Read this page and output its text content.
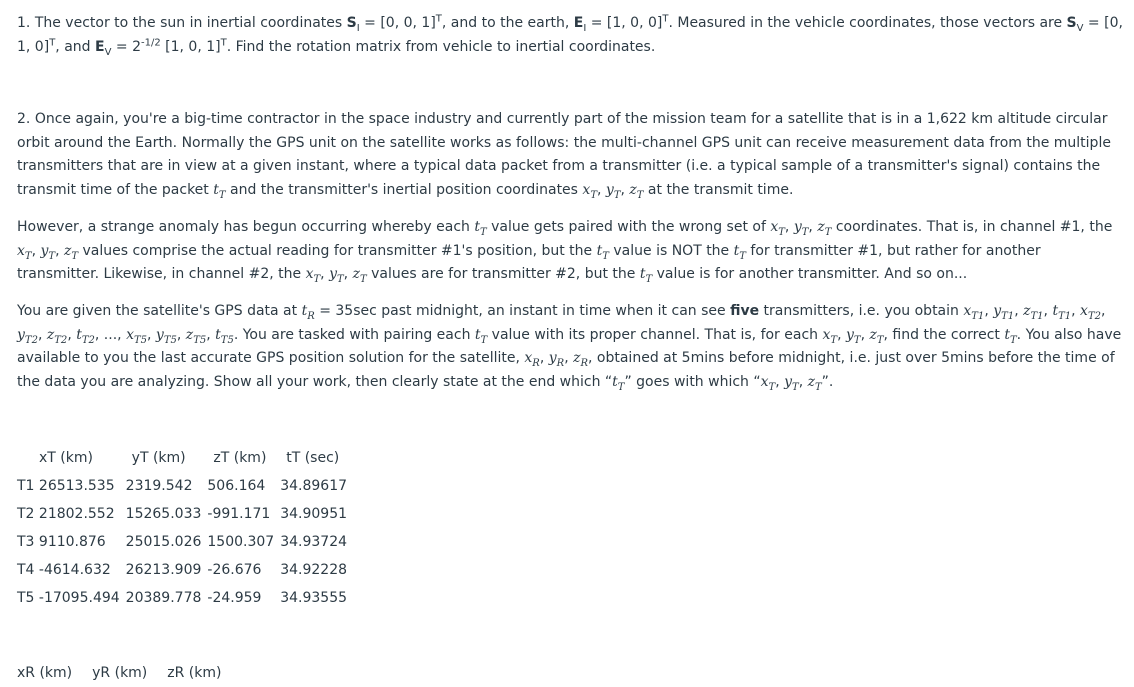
1. The vector to the sun in inertial coordinates $S_I = [0$, 0, 1]$^T$, and to the earth, $E_I = [1$, 0, 0]$^T$. Measured in the vehicle coordinates, those vectors are $S_V = [0$, 1, 0]$^T$, and $E_V = 2^{-1/2}$ [1, 0, 1]$^T$. Find the rotation matrix from vehicle to inertial coordinates.

2. Once again, you're a big-time contractor in the space industry and currently part of the mission team for a satellite that is in a 1,622 km altitude circular orbit around the Earth. Normally the GPS unit on the satellite works as follows: the multi-channel GPS unit can receive measurement data from the multiple transmitters that are in view at a given instant, where a typical data packet from a transmitter (i.e. a typical sample of a transmitter's signal) contains the transmit time of the packet $t_T$ and the transmitter's inertial position coordinates $x_T$, $y_T$, $z_T$ at the transmit time.

However, a strange anomaly has begun occurring whereby each $t_T$ value gets paired with the wrong set of $x_T$, $y_T$, $z_T$ coordinates. That is, in channel #1, the $x_T$, $y_T$, $z_T$ values comprise the actual reading for transmitter #1's position, but the $t_T$ value is NOT the $t_T$ for transmitter #1, but rather for another transmitter. Likewise, in channel #2, the $x_T$, $y_T$, $z_T$ values are for transmitter #2, but the $t_T$ value is for another transmitter. And so on...

You are given the satellite's GPS data at $t_R = 35\sec$ past midnight, an instant in time when it can see five transmitters, i.e. you obtain $x_{T1}$, $y_{T1}$, $z_{T1}$, $t_{T1}$, $x_{T2}$, $y_{T2}$, $z_{T2}$, $t_{T2}$, ..., $x_{T5}$, $y_{T5}$, $z_{T5}$, $t_{T5}$. You are tasked with pairing each $t_T$ value with its proper channel. That is, for each $x_T$, $y_T$, $z_T$, find the correct $t_T$. You also have available to you the last accurate GPS position solution for the satellite, $x_R$, $y_R$, $z_R$, obtained at 5mins before midnight, i.e. just over 5mins before the time of the data you are analyzing. Show all your work, then clearly state at the end which “$t_T$” goes with which “$x_T$, $y_T$, $z_T$”.

xT (km)	yT (km)	zT (km)	tT (sec)
T1 26513.535	2319.542	506.164	34.89617
T2 21802.552	15265.033	-991.171	34.90951
T3 9110.876	25015.026	1500.307	34.93724
T4 -4614.632	26213.909	-26.676	34.92228
T5 -17095.494	20389.778	-24.959	34.93555
xR (km)	yR (km)	zR (km)
